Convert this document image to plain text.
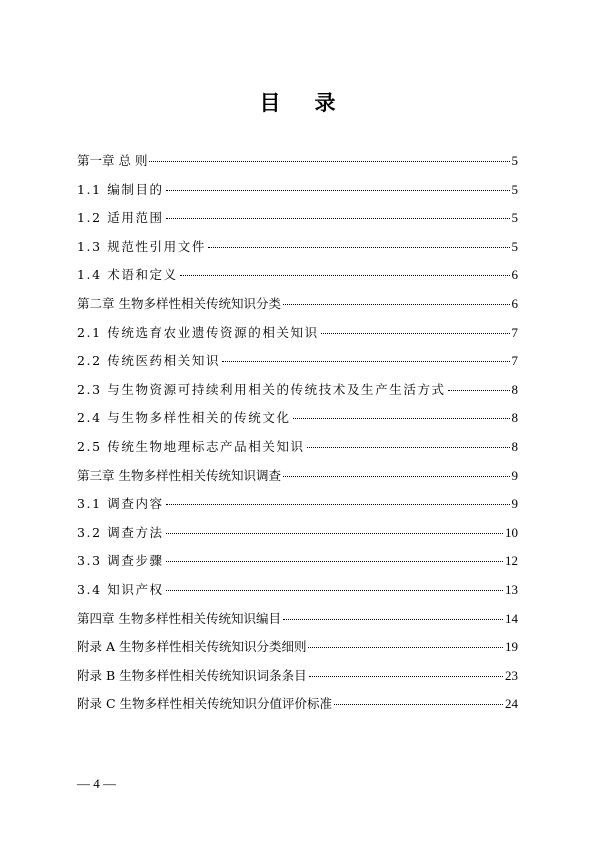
目 录
第一章 总 则	5
1.1 编制目的	5
1.2 适用范围	5
1.3 规范性引用文件	5
1.4 术语和定义	6
第二章 生物多样性相关传统知识分类	6
2.1 传统选育农业遗传资源的相关知识	7
2.2 传统医药相关知识	7
2.3 与生物资源可持续利用相关的传统技术及生产生活方式	8
2.4 与生物多样性相关的传统文化	8
2.5 传统生物地理标志产品相关知识	8
第三章 生物多样性相关传统知识调查	9
3.1 调查内容	9
3.2 调查方法	10
3.3 调查步骤	12
3.4 知识产权	13
第四章 生物多样性相关传统知识编目	14
附录 A 生物多样性相关传统知识分类细则	19
附录 B 生物多样性相关传统知识词条条目	23
附录 C 生物多样性相关传统知识分值评价标准	24
— 4 —
